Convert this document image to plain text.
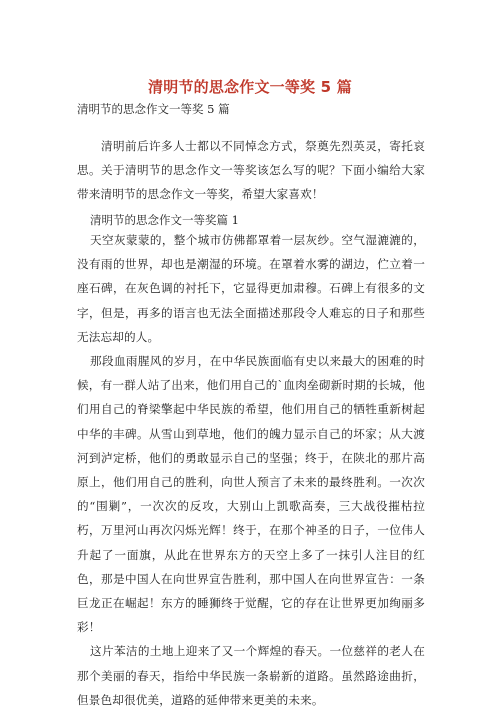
清明节的思念作文一等奖 5 篇
清明节的思念作文一等奖 5 篇

清明前后许多人士都以不同悼念方式，祭奠先烈英灵，寄托哀思。关于清明节的思念作文一等奖该怎么写的呢？下面小编给大家带来清明节的思念作文一等奖，希望大家喜欢！

清明节的思念作文一等奖篇 1

天空灰蒙蒙的，整个城市仿佛都罩着一层灰纱。空气湿漉漉的，没有雨的世界，却也是潮湿的环境。在罩着水雾的湖边，伫立着一座石碑，在灰色调的衬托下，它显得更加肃穆。石碑上有很多的文字，但是，再多的语言也无法全面描述那段令人难忘的日子和那些无法忘却的人。

那段血雨腥风的岁月，在中华民族面临有史以来最大的困难的时候，有一群人站了出来，他们用自己的`血肉垒砌新时期的长城，他们用自己的脊梁擎起中华民族的希望，他们用自己的牺牲重新树起中华的丰碑。从雪山到草地，他们的魄力显示自己的坏家；从大渡河到泸定桥，他们的勇敢显示自己的坚强；终于，在陕北的那片高原上，他们用自己的胜利，向世人预言了未来的最终胜利。一次次的“围剿”，一次次的反攻，大别山上凯歌高奏，三大战役摧枯拉朽，万里河山再次闪烁光辉！终于，在那个神圣的日子，一位伟人升起了一面旗，从此在世界东方的天空上多了一抹引人注目的红色，那是中国人在向世界宣告胜利，那中国人在向世界宣告：一条巨龙正在崛起！东方的睡狮终于觉醒，它的存在让世界更加绚丽多彩！

这片苯洁的土地上迎来了又一个辉煌的春天。一位慈祥的老人在那个美丽的春天，指给中华民族一条崭新的道路。虽然路途曲折，但景色却很优美，道路的延伸带来更美的未来。
